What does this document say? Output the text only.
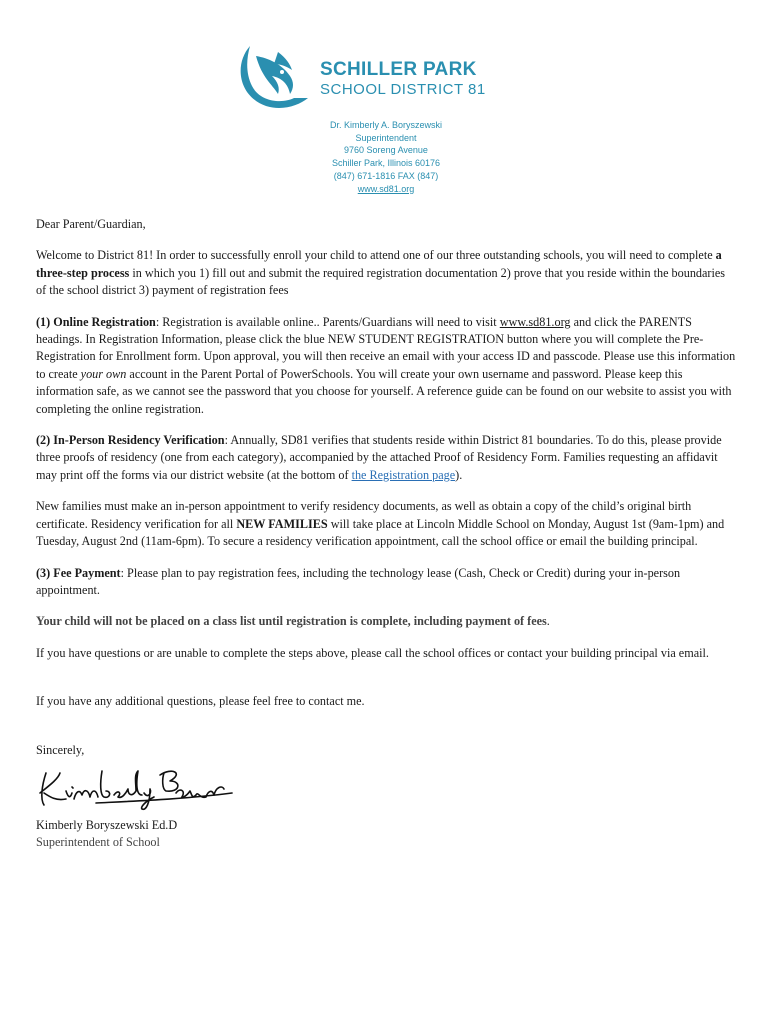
SCHILLER PARK
SCHOOL DISTRICT 81
Dr. Kimberly A. Boryszewski
Superintendent
9760 Soreng Avenue
Schiller Park, Illinois 60176
(847) 671-1816 FAX (847)
www.sd81.org

Dear Parent/Guardian,

Welcome to District 81! In order to successfully enroll your child to attend one of our three outstanding schools, you will need to complete a three-step process in which you 1) fill out and submit the required registration documentation 2) prove that you reside within the boundaries of the school district 3) payment of registration fees

(1) Online Registration: Registration is available online.. Parents/Guardians will need to visit www.sd81.org and click the PARENTS headings. In Registration Information, please click the blue NEW STUDENT REGISTRATION button where you will complete the Pre-Registration for Enrollment form. Upon approval, you will then receive an email with your access ID and passcode. Please use this information to create your own account in the Parent Portal of PowerSchools. You will create your own username and password. Please keep this information safe, as we cannot see the password that you choose for yourself. A reference guide can be found on our website to assist you with completing the online registration.

(2) In-Person Residency Verification: Annually, SD81 verifies that students reside within District 81 boundaries. To do this, please provide three proofs of residency (one from each category), accompanied by the attached Proof of Residency Form. Families requesting an affidavit may print off the forms via our district website (at the bottom of the Registration page).

New families must make an in-person appointment to verify residency documents, as well as obtain a copy of the child’s original birth certificate. Residency verification for all NEW FAMILIES will take place at Lincoln Middle School on Monday, August 1st (9am-1pm) and Tuesday, August 2nd (11am-6pm). To secure a residency verification appointment, call the school office or email the building principal.

(3) Fee Payment: Please plan to pay registration fees, including the technology lease (Cash, Check or Credit) during your in-person appointment.

Your child will not be placed on a class list until registration is complete, including payment of fees.

If you have questions or are unable to complete the steps above, please call the school offices or contact your building principal via email.

If you have any additional questions, please feel free to contact me.

Sincerely,

Kimberly Boryszewski Ed.D

Superintendent of School
